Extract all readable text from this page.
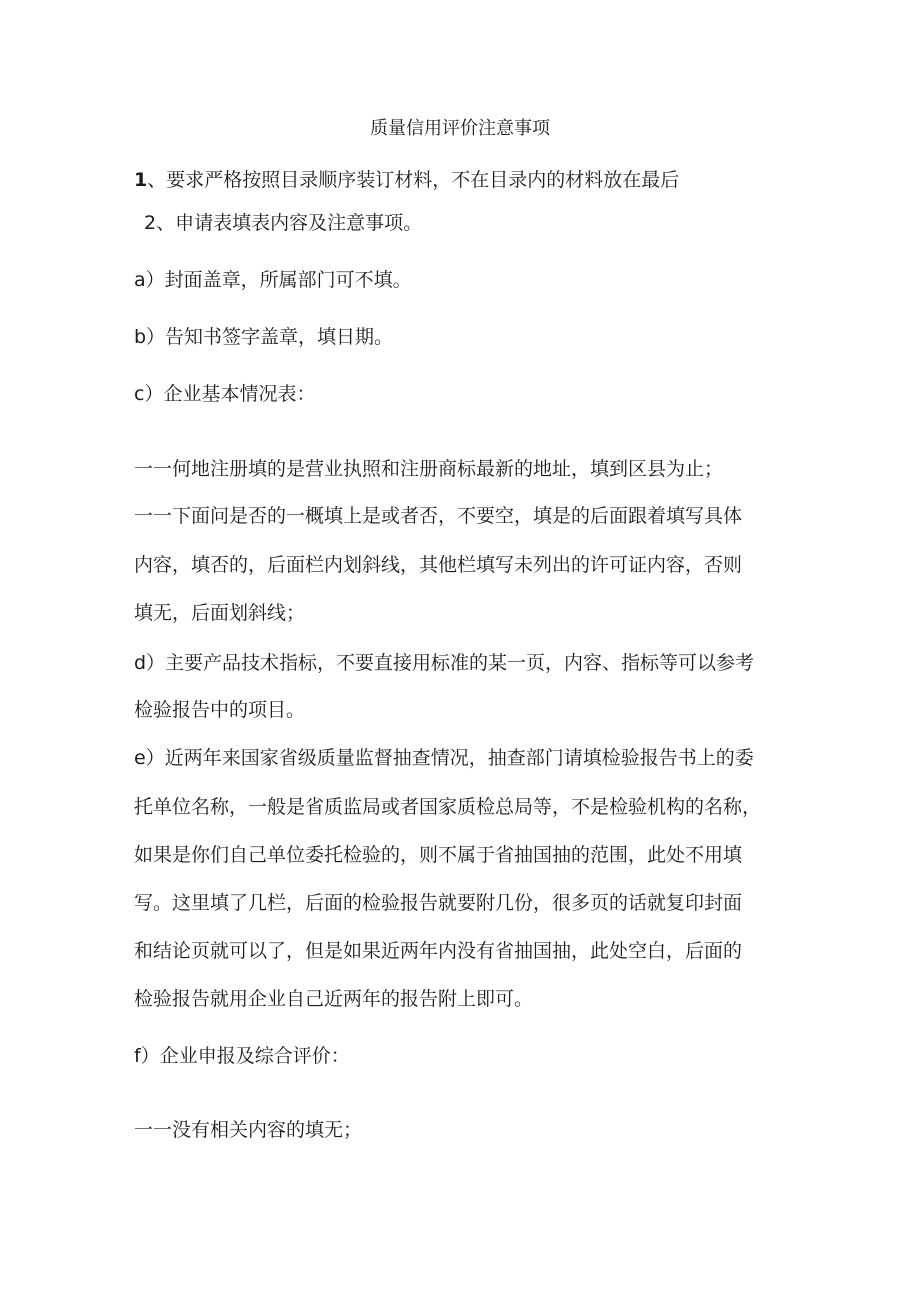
质量信用评价注意事项
1、要求严格按照目录顺序装订材料，不在目录内的材料放在最后
2、申请表填表内容及注意事项。
a）封面盖章，所属部门可不填。
b）告知书签字盖章，填日期。
c）企业基本情况表：
一一何地注册填的是营业执照和注册商标最新的地址，填到区县为止；
一一下面问是否的一概填上是或者否，不要空，填是的后面跟着填写具体
内容，填否的，后面栏内划斜线，其他栏填写未列出的许可证内容，否则
填无，后面划斜线；
d）主要产品技术指标，不要直接用标准的某一页，内容、指标等可以参考
检验报告中的项目。
e）近两年来国家省级质量监督抽查情况，抽查部门请填检验报告书上的委
托单位名称，一般是省质监局或者国家质检总局等，不是检验机构的名称，
如果是你们自己单位委托检验的，则不属于省抽国抽的范围，此处不用填
写。这里填了几栏，后面的检验报告就要附几份，很多页的话就复印封面
和结论页就可以了，但是如果近两年内没有省抽国抽，此处空白，后面的
检验报告就用企业自己近两年的报告附上即可。
f）企业申报及综合评价：
一一没有相关内容的填无；
